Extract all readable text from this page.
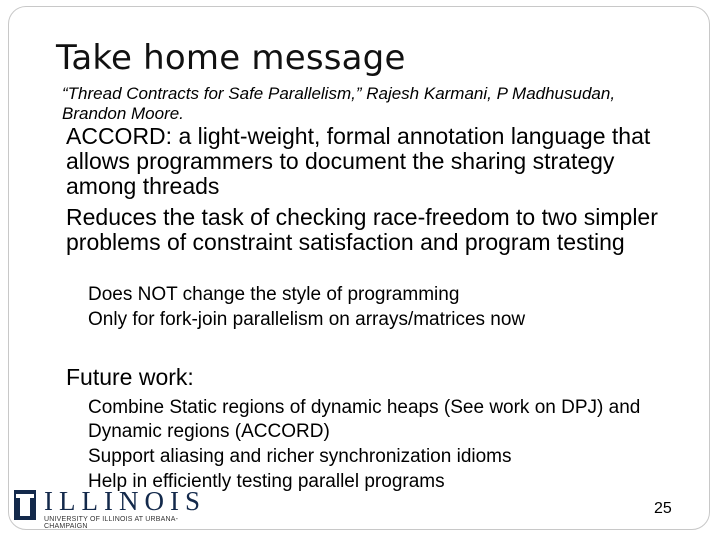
Take home message
“Thread Contracts for Safe Parallelism,” Rajesh Karmani, P Madhusudan, Brandon Moore.
ACCORD: a light-weight, formal annotation language that allows programmers to document the sharing strategy among threads
Reduces the task of checking race-freedom to two simpler problems of constraint satisfaction and program testing
Does NOT change the style of programming
Only for fork-join parallelism on arrays/matrices now
Future work:
Combine Static regions of dynamic heaps (See work on DPJ) and Dynamic regions (ACCORD)
Support aliasing and richer synchronization idioms
Help in efficiently testing parallel programs
ILLINOIS
UNIVERSITY OF ILLINOIS AT URBANA-CHAMPAIGN
25
